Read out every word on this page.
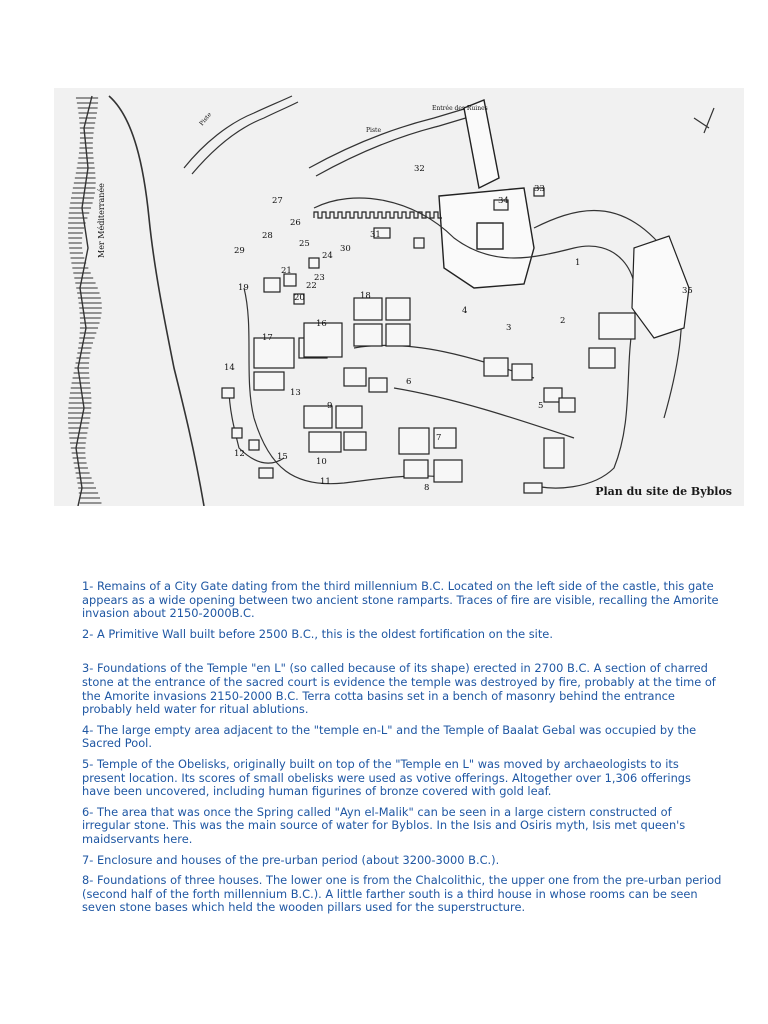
Mer Méditerranée
Entrée des Ruines
Piste
Piste
1
2
3
4
5
6
7
8
9
10
11
12
13
14
15
16
17
18
19
20
21
22
23
24
25
26
27
28
29	30
31
32
33
34
35
Plan du site de Byblos

1- Remains of a City Gate dating from the third millennium B.C. Located on the left side of the castle, this gate appears as a wide opening between two ancient stone ramparts. Traces of fire are visible, recalling the Amorite invasion about 2150-2000B.C.

2- A Primitive Wall built before 2500 B.C., this is the oldest fortification on the site.

3- Foundations of the Temple "en L" (so called because of its shape) erected in 2700 B.C. A section of charred stone at the entrance of the sacred court is evidence the temple was destroyed by fire, probably at the time of the Amorite invasions 2150-2000 B.C. Terra cotta basins set in a bench of masonry behind the entrance probably held water for ritual ablutions.

4- The large empty area adjacent to the "temple en-L" and the Temple of Baalat Gebal was occupied by the Sacred Pool.

5- Temple of the Obelisks, originally built on top of the "Temple en L" was moved by archaeologists to its present location. Its scores of small obelisks were used as votive offerings. Altogether over 1,306 offerings have been uncovered, including human figurines of bronze covered with gold leaf.

6- The area that was once the Spring called "Ayn el-Malik" can be seen in a large cistern constructed of irregular stone. This was the main source of water for Byblos. In the Isis and Osiris myth, Isis met queen's maidservants here.

7- Enclosure and houses of the pre-urban period (about 3200-3000 B.C.).

8- Foundations of three houses. The lower one is from the Chalcolithic, the upper one from the pre-urban period (second half of the forth millennium B.C.). A little farther south is a third house in whose rooms can be seen seven stone bases which held the wooden pillars used for the superstructure.
